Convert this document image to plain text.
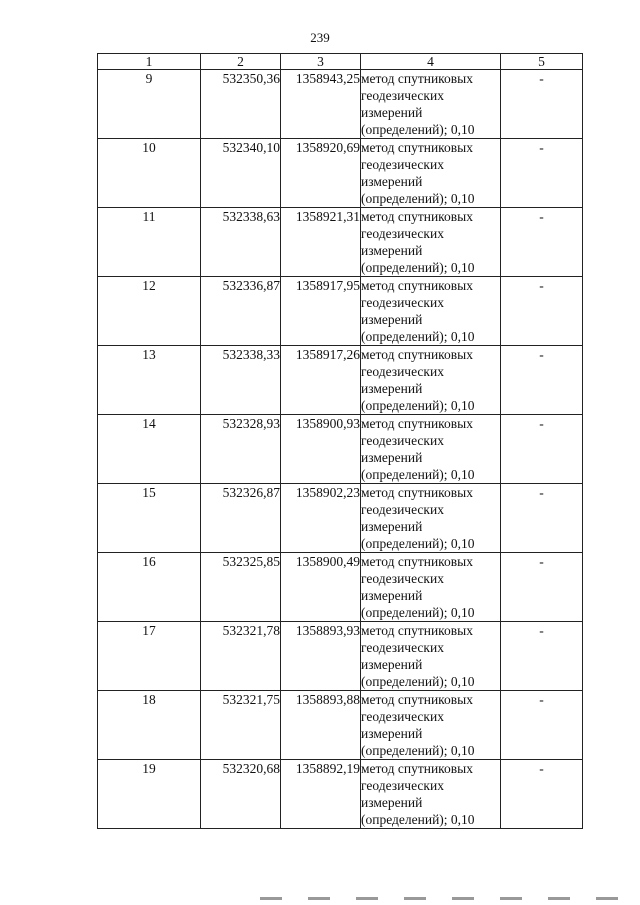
239
1	2	3	4	5
9	532350,36	1358943,25	метод спутниковых геодезических измерений (определений); 0,10	-
10	532340,10	1358920,69	метод спутниковых геодезических измерений (определений); 0,10	-
11	532338,63	1358921,31	метод спутниковых геодезических измерений (определений); 0,10	-
12	532336,87	1358917,95	метод спутниковых геодезических измерений (определений); 0,10	-
13	532338,33	1358917,26	метод спутниковых геодезических измерений (определений); 0,10	-
14	532328,93	1358900,93	метод спутниковых геодезических измерений (определений); 0,10	-
15	532326,87	1358902,23	метод спутниковых геодезических измерений (определений); 0,10	-
16	532325,85	1358900,49	метод спутниковых геодезических измерений (определений); 0,10	-
17	532321,78	1358893,93	метод спутниковых геодезических измерений (определений); 0,10	-
18	532321,75	1358893,88	метод спутниковых геодезических измерений (определений); 0,10	-
19	532320,68	1358892,19	метод спутниковых геодезических измерений (определений); 0,10	-
